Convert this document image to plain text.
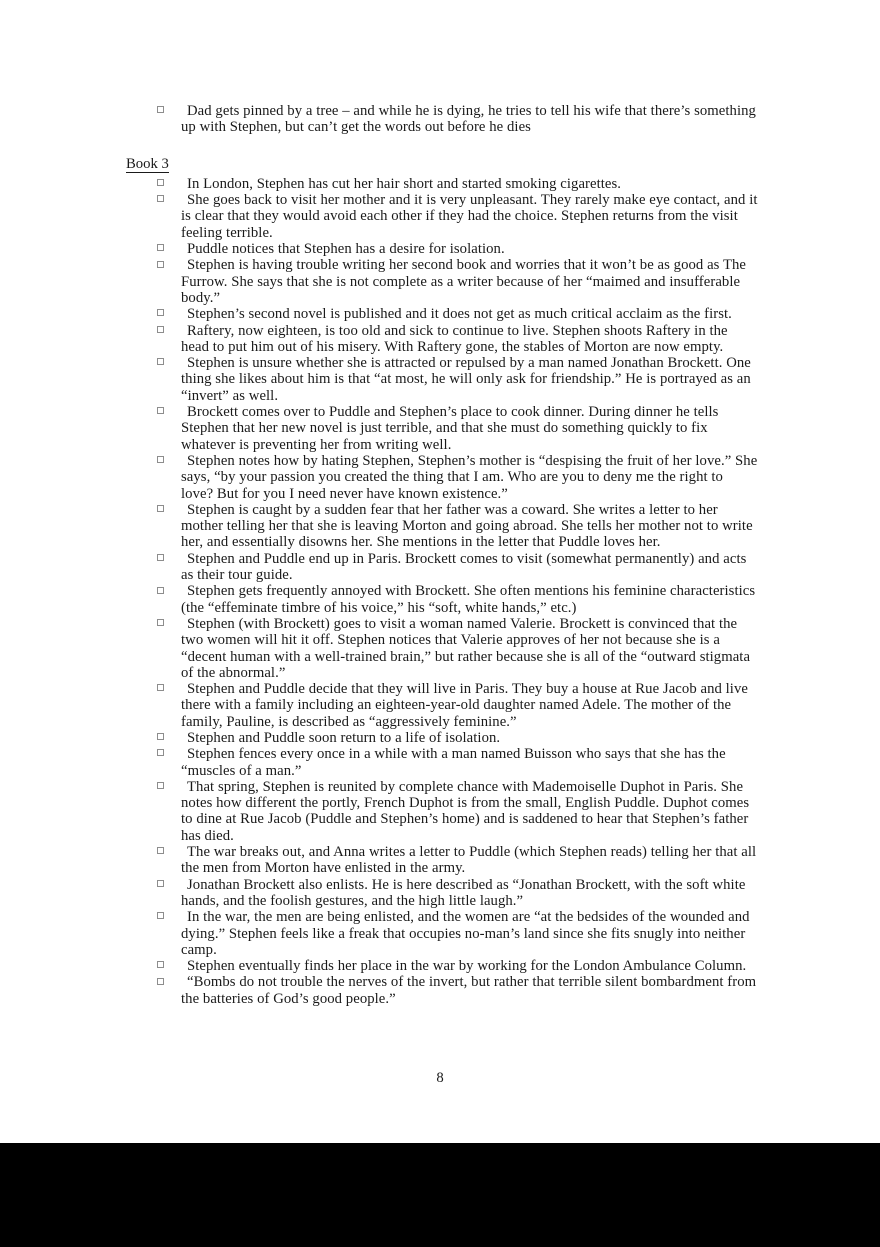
Dad gets pinned by a tree – and while he is dying, he tries to tell his wife that there’s something up with Stephen, but can’t get the words out before he dies
Book 3
In London, Stephen has cut her hair short and started smoking cigarettes.
She goes back to visit her mother and it is very unpleasant. They rarely make eye contact, and it is clear that they would avoid each other if they had the choice. Stephen returns from the visit feeling terrible.
Puddle notices that Stephen has a desire for isolation.
Stephen is having trouble writing her second book and worries that it won’t be as good as The Furrow. She says that she is not complete as a writer because of her “maimed and insufferable body.”
Stephen’s second novel is published and it does not get as much critical acclaim as the first.
Raftery, now eighteen, is too old and sick to continue to live. Stephen shoots Raftery in the head to put him out of his misery. With Raftery gone, the stables of Morton are now empty.
Stephen is unsure whether she is attracted or repulsed by a man named Jonathan Brockett. One thing she likes about him is that “at most, he will only ask for friendship.” He is portrayed as an “invert” as well.
Brockett comes over to Puddle and Stephen’s place to cook dinner. During dinner he tells Stephen that her new novel is just terrible, and that she must do something quickly to fix whatever is preventing her from writing well.
Stephen notes how by hating Stephen, Stephen’s mother is “despising the fruit of her love.” She says, “by your passion you created the thing that I am. Who are you to deny me the right to love? But for you I need never have known existence.”
Stephen is caught by a sudden fear that her father was a coward. She writes a letter to her mother telling her that she is leaving Morton and going abroad. She tells her mother not to write her, and essentially disowns her. She mentions in the letter that Puddle loves her.
Stephen and Puddle end up in Paris. Brockett comes to visit (somewhat permanently) and acts as their tour guide.
Stephen gets frequently annoyed with Brockett. She often mentions his feminine characteristics (the “effeminate timbre of his voice,” his “soft, white hands,” etc.)
Stephen (with Brockett) goes to visit a woman named Valerie. Brockett is convinced that the two women will hit it off. Stephen notices that Valerie approves of her not because she is a “decent human with a well-trained brain,” but rather because she is all of the “outward stigmata of the abnormal.”
Stephen and Puddle decide that they will live in Paris. They buy a house at Rue Jacob and live there with a family including an eighteen-year-old daughter named Adele. The mother of the family, Pauline, is described as “aggressively feminine.”
Stephen and Puddle soon return to a life of isolation.
Stephen fences every once in a while with a man named Buisson who says that she has the “muscles of a man.”
That spring, Stephen is reunited by complete chance with Mademoiselle Duphot in Paris. She notes how different the portly, French Duphot is from the small, English Puddle. Duphot comes to dine at Rue Jacob (Puddle and Stephen’s home) and is saddened to hear that Stephen’s father has died.
The war breaks out, and Anna writes a letter to Puddle (which Stephen reads) telling her that all the men from Morton have enlisted in the army.
Jonathan Brockett also enlists. He is here described as “Jonathan Brockett, with the soft white hands, and the foolish gestures, and the high little laugh.”
In the war, the men are being enlisted, and the women are “at the bedsides of the wounded and dying.” Stephen feels like a freak that occupies no-man’s land since she fits snugly into neither camp.
Stephen eventually finds her place in the war by working for the London Ambulance Column.
“Bombs do not trouble the nerves of the invert, but rather that terrible silent bombardment from the batteries of God’s good people.”
8
